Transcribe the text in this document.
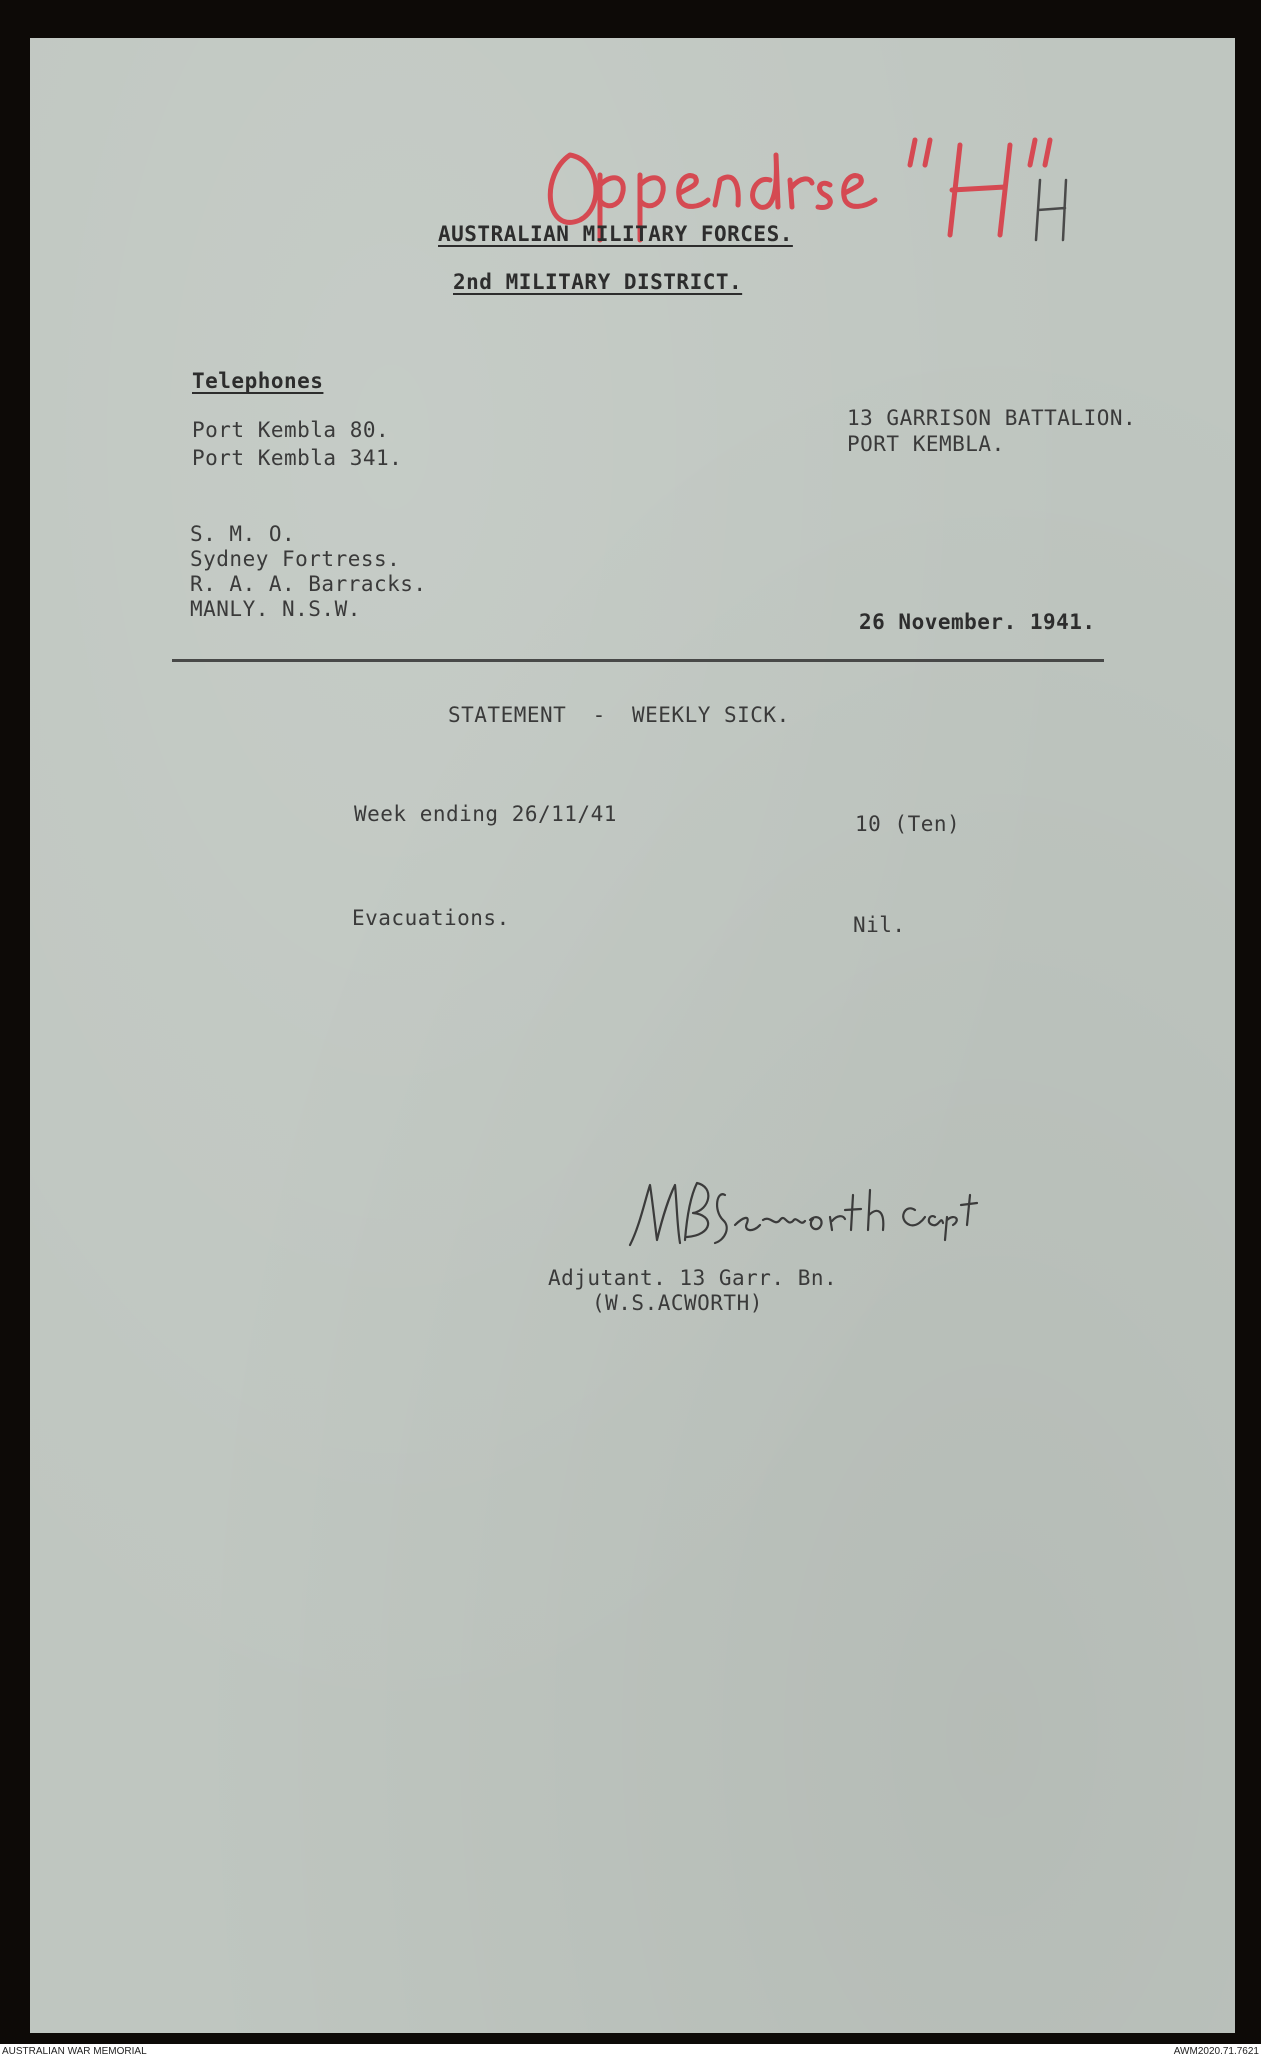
AUSTRALIAN MILITARY FORCES.
2nd MILITARY DISTRICT.
Telephones
Port Kembla 80.
Port Kembla 341.
13 GARRISON BATTALION.
PORT KEMBLA.
S. M. O.
Sydney Fortress.
R. A. A. Barracks.
MANLY. N.S.W.
26 November. 1941.
STATEMENT  -  WEEKLY SICK.
Week ending 26/11/41	10 (Ten)
Evacuations.	Nil.
Adjutant. 13 Garr. Bn.
(W.S.ACWORTH)
AUSTRALIAN WAR MEMORIAL	AWM2020.71.7621
